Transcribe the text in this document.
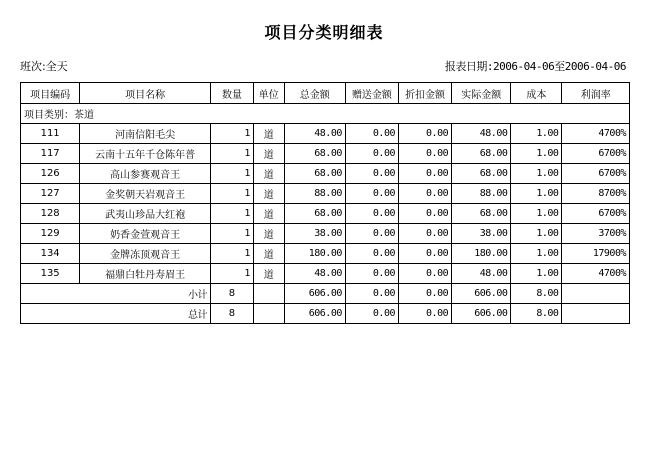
项目分类明细表
班次:全天	报表日期:2006-04-06至2006-04-06
项目编码	项目名称	数量	单位	总金额	赠送金额	折扣金额	实际金额	成本	利润率
项目类别：茶道									
111	河南信阳毛尖	1	道	48.00	0.00	0.00	48.00	1.00	4700%
117	云南十五年千仓陈年普	1	道	68.00	0.00	0.00	68.00	1.00	6700%
126	高山参赛观音王	1	道	68.00	0.00	0.00	68.00	1.00	6700%
127	金奖朝天岩观音王	1	道	88.00	0.00	0.00	88.00	1.00	8700%
128	武夷山珍品大红袍	1	道	68.00	0.00	0.00	68.00	1.00	6700%
129	奶香金萱观音王	1	道	38.00	0.00	0.00	38.00	1.00	3700%
134	金牌冻顶观音王	1	道	180.00	0.00	0.00	180.00	1.00	17900%
135	福鼎白牡丹寿眉王	1	道	48.00	0.00	0.00	48.00	1.00	4700%
	小计	8		606.00	0.00	0.00	606.00	8.00	
	总计	8		606.00	0.00	0.00	606.00	8.00	
